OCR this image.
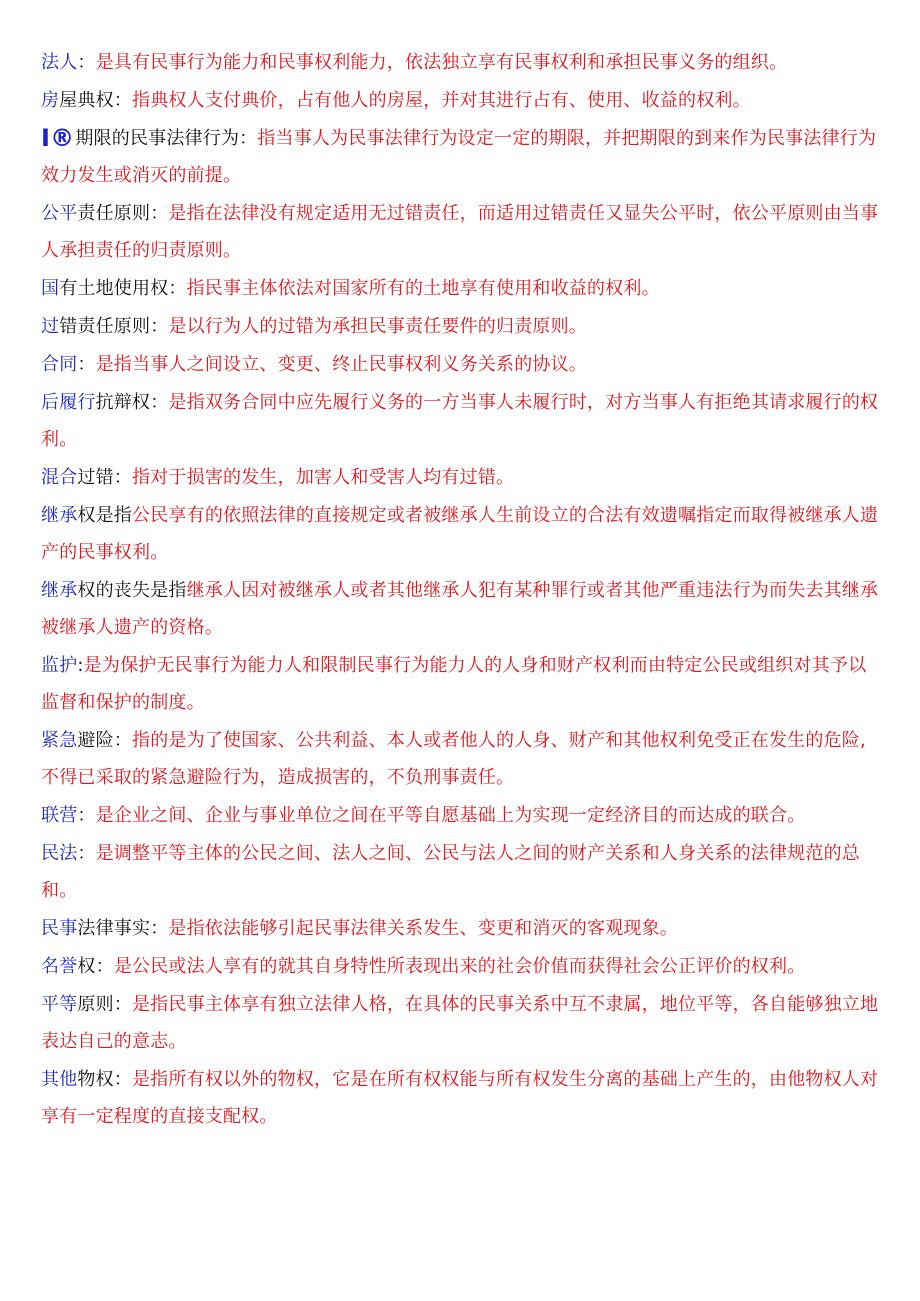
法人：是具有民事行为能力和民事权利能力，依法独立享有民事权利和承担民事义务的组织。

房屋典权：指典权人支付典价，占有他人的房屋，并对其进行占有、使用、收益的权利。

I®期限的民事法律行为：指当事人为民事法律行为设定一定的期限，并把期限的到来作为民事法律行为效力发生或消灭的前提。

公平责任原则：是指在法律没有规定适用无过错责任，而适用过错责任又显失公平时，依公平原则由当事人承担责任的归责原则。

国有土地使用权：指民事主体依法对国家所有的土地享有使用和收益的权利。

过错责任原则：是以行为人的过错为承担民事责任要件的归责原则。

合同：是指当事人之间设立、变更、终止民事权利义务关系的协议。

后履行抗辩权：是指双务合同中应先履行义务的一方当事人未履行时，对方当事人有拒绝其请求履行的权利。

混合过错：指对于损害的发生，加害人和受害人均有过错。

继承权是指公民享有的依照法律的直接规定或者被继承人生前设立的合法有效遗嘱指定而取得被继承人遗产的民事权利。

继承权的丧失是指继承人因对被继承人或者其他继承人犯有某种罪行或者其他严重违法行为而失去其继承被继承人遗产的资格。

监护:是为保护无民事行为能力人和限制民事行为能力人的人身和财产权利而由特定公民或组织对其予以监督和保护的制度。

紧急避险：指的是为了使国家、公共利益、本人或者他人的人身、财产和其他权利免受正在发生的危险,不得已采取的紧急避险行为，造成损害的，不负刑事责任。

联营：是企业之间、企业与事业单位之间在平等自愿基础上为实现一定经济目的而达成的联合。

民法：是调整平等主体的公民之间、法人之间、公民与法人之间的财产关系和人身关系的法律规范的总和。

民事法律事实：是指依法能够引起民事法律关系发生、变更和消灭的客观现象。

名誉权：是公民或法人享有的就其自身特性所表现出来的社会价值而获得社会公正评价的权利。

平等原则：是指民事主体享有独立法律人格，在具体的民事关系中互不隶属，地位平等，各自能够独立地表达自己的意志。

其他物权：是指所有权以外的物权，它是在所有权权能与所有权发生分离的基础上产生的，由他物权人对享有一定程度的直接支配权。
